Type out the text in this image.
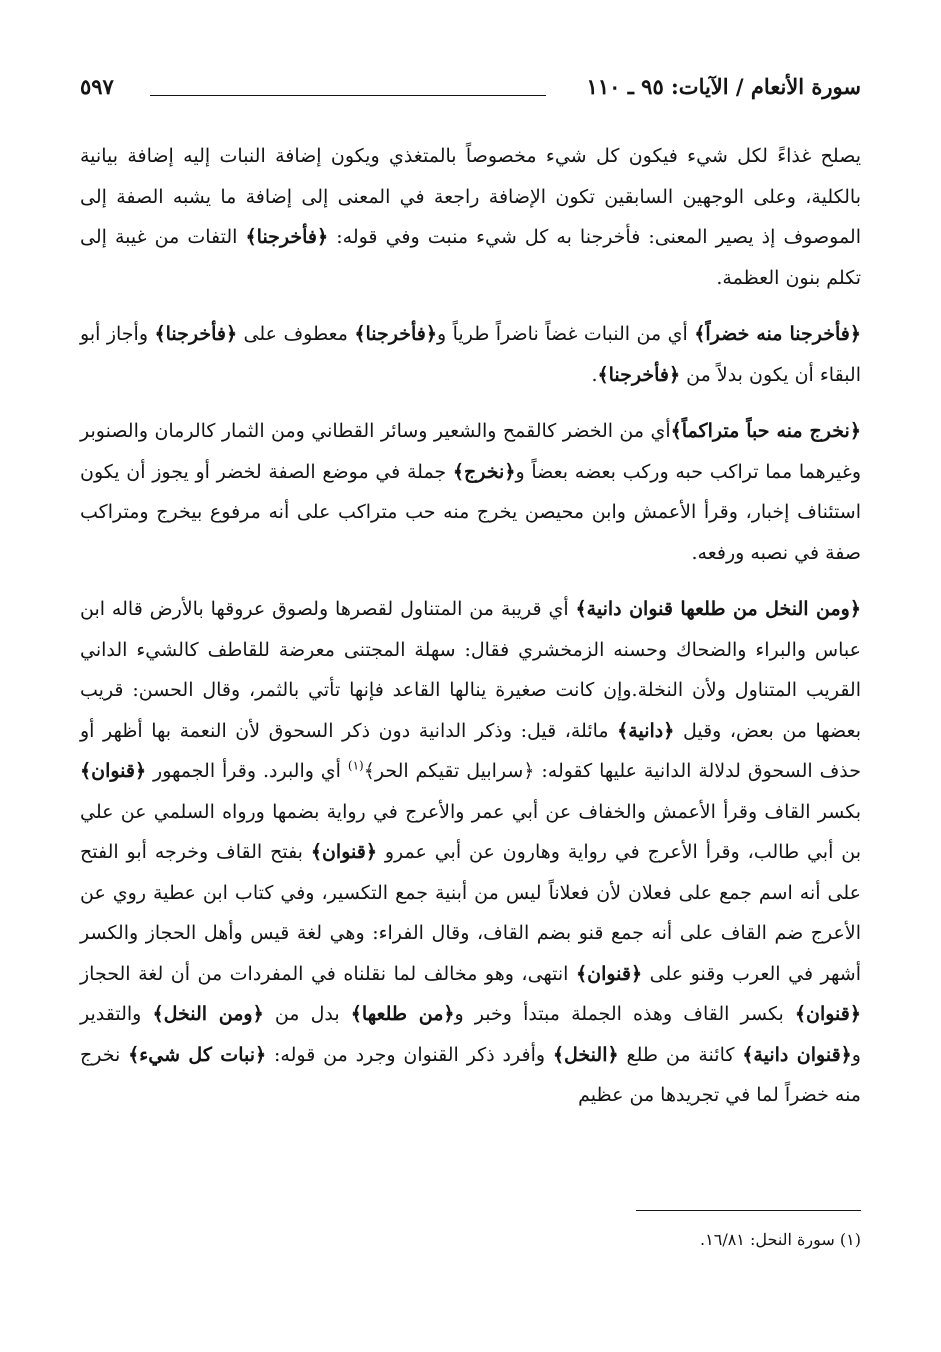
سورة الأنعام / الآيات: ٩٥ ـ ١١٠
٥٩٧

يصلح غذاءً لكل شيء فيكون كل شيء مخصوصاً بالمتغذي ويكون إضافة النبات إليه إضافة بيانية بالكلية، وعلى الوجهين السابقين تكون الإضافة راجعة في المعنى إلى إضافة ما يشبه الصفة إلى الموصوف إذ يصير المعنى: فأخرجنا به كل شيء منبت وفي قوله: ﴿فأخرجنا﴾ التفات من غيبة إلى تكلم بنون العظمة.

﴿فأخرجنا منه خضراً﴾ أي من النبات غضاً ناضراً طرياً و﴿فأخرجنا﴾ معطوف على ﴿فأخرجنا﴾ وأجاز أبو البقاء أن يكون بدلاً من ﴿فأخرجنا﴾.

﴿نخرج منه حباً متراكماً﴾أي من الخضر كالقمح والشعير وسائر القطاني ومن الثمار كالرمان والصنوبر وغيرهما مما تراكب حبه وركب بعضه بعضاً و﴿نخرج﴾ جملة في موضع الصفة لخضر أو يجوز أن يكون استئناف إخبار، وقرأ الأعمش وابن محيصن يخرج منه حب متراكب على أنه مرفوع بيخرج ومتراكب صفة في نصبه ورفعه.

﴿ومن النخل من طلعها قنوان دانية﴾ أي قريبة من المتناول لقصرها ولصوق عروقها بالأرض قاله ابن عباس والبراء والضحاك وحسنه الزمخشري فقال: سهلة المجتنى معرضة للقاطف كالشيء الداني القريب المتناول ولأن النخلة.وإن كانت صغيرة ينالها القاعد فإنها تأتي بالثمر، وقال الحسن: قريب بعضها من بعض، وقيل ﴿دانية﴾ مائلة، قيل: وذكر الدانية دون ذكر السحوق لأن النعمة بها أظهر أو حذف السحوق لدلالة الدانية عليها كقوله: ﴿سرابيل تقيكم الحر﴾$^{(١)}$ أي والبرد. وقرأ الجمهور ﴿قنوان﴾ بكسر القاف وقرأ الأعمش والخفاف عن أبي عمر والأعرج في رواية بضمها ورواه السلمي عن علي بن أبي طالب، وقرأ الأعرج في رواية وهارون عن أبي عمرو ﴿قنوان﴾ بفتح القاف وخرجه أبو الفتح على أنه اسم جمع على فعلان لأن فعلاناً ليس من أبنية جمع التكسير، وفي كتاب ابن عطية روي عن الأعرج ضم القاف على أنه جمع قنو بضم القاف، وقال الفراء: وهي لغة قيس وأهل الحجاز والكسر أشهر في العرب وقنو على ﴿قنوان﴾ انتهى، وهو مخالف لما نقلناه في المفردات من أن لغة الحجاز ﴿قنوان﴾ بكسر القاف وهذه الجملة مبتدأ وخبر و﴿من طلعها﴾ بدل من ﴿ومن النخل﴾ والتقدير و﴿قنوان دانية﴾ كائنة من طلع ﴿النخل﴾ وأفرد ذكر القنوان وجرد من قوله: ﴿نبات كل شيء﴾ نخرج منه خضراً لما في تجريدها من عظيم

(١) سورة النحل: ١٦/٨١.
